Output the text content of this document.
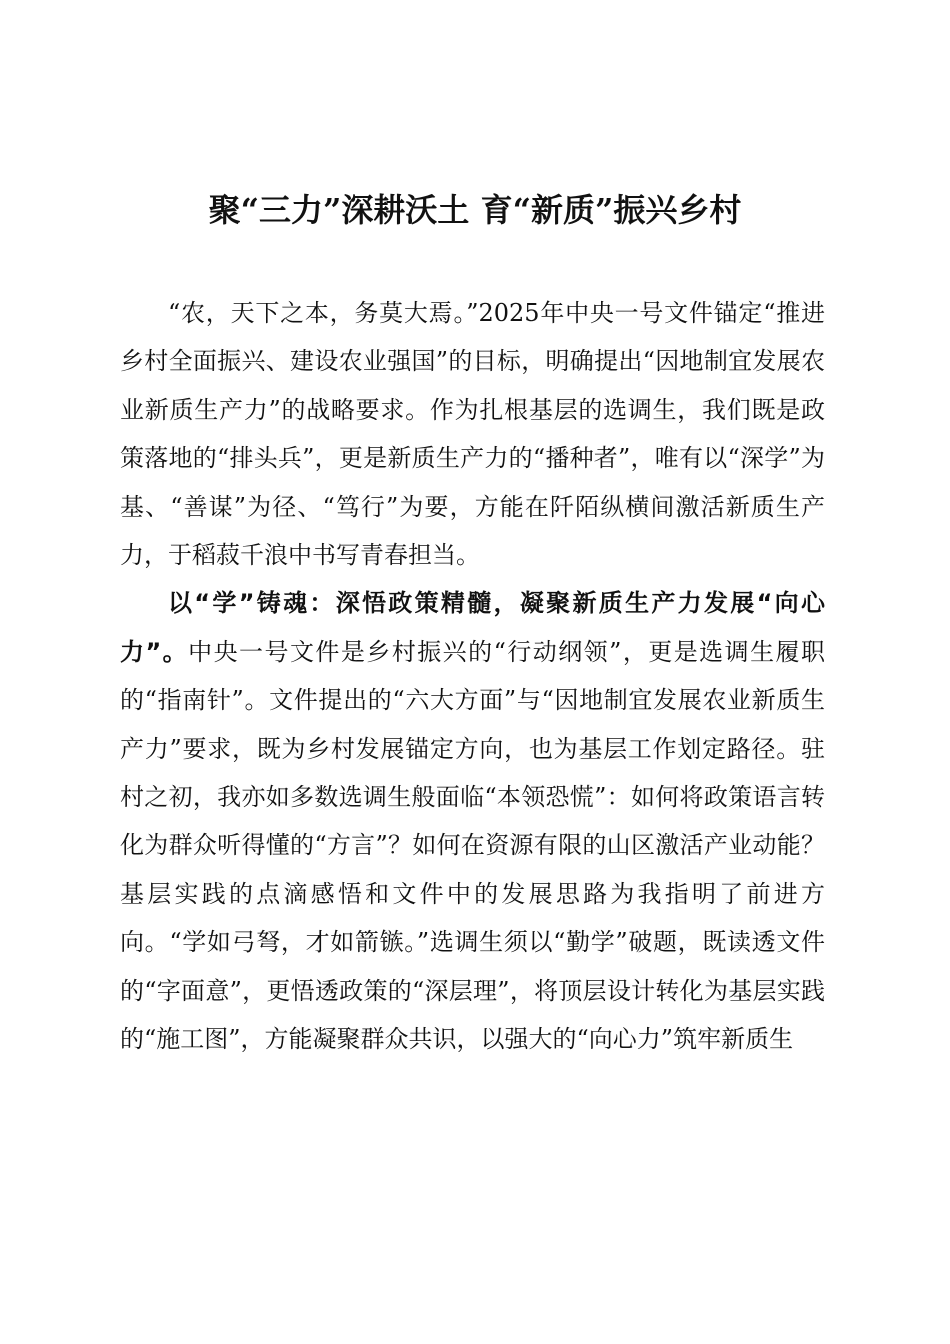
聚“三力”深耕沃土 育“新质”振兴乡村

“农，天下之本，务莫大焉。”2025年中央一号文件锚定“推进乡村全面振兴、建设农业强国”的目标，明确提出“因地制宜发展农业新质生产力”的战略要求。作为扎根基层的选调生，我们既是政策落地的“排头兵”，更是新质生产力的“播种者”，唯有以“深学”为基、“善谋”为径、“笃行”为要，方能在阡陌纵横间激活新质生产力，于稻菽千浪中书写青春担当。

以“学”铸魂：深悟政策精髓，凝聚新质生产力发展“向心力”。中央一号文件是乡村振兴的“行动纲领”，更是选调生履职的“指南针”。文件提出的“六大方面”与“因地制宜发展农业新质生产力”要求，既为乡村发展锚定方向，也为基层工作划定路径。驻村之初，我亦如多数选调生般面临“本领恐慌”：如何将政策语言转化为群众听得懂的“方言”？如何在资源有限的山区激活产业动能？基层实践的点滴感悟和文件中的发展思路为我指明了前进方向。“学如弓弩，才如箭镞。”选调生须以“勤学”破题，既读透文件的“字面意”，更悟透政策的“深层理”，将顶层设计转化为基层实践的“施工图”，方能凝聚群众共识，以强大的“向心力”筑牢新质生
